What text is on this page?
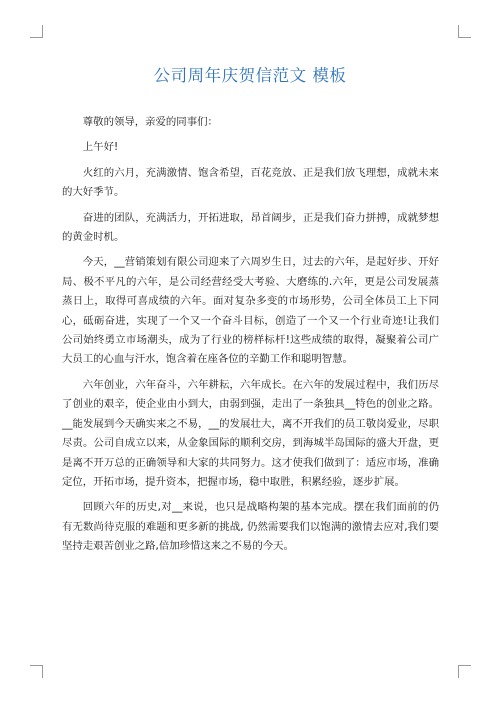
公司周年庆贺信范文 模板

尊敬的领导，亲爱的同事们：

上午好!

火红的六月，充满激情、饱含希望，百花竞放、正是我们放飞理想，成就未来的大好季节。

奋进的团队，充满活力，开拓进取，昂首阔步，正是我们奋力拼搏，成就梦想的黄金时机。

今天，__营销策划有限公司迎来了六周岁生日，过去的六年，是起好步、开好局、极不平凡的六年，是公司经营经受大考验、大磨练的.六年，更是公司发展蒸蒸日上，取得可喜成绩的六年。面对复杂多变的市场形势，公司全体员工上下同心，砥砺奋进，实现了一个又一个奋斗目标，创造了一个又一个行业奇迹!让我们公司始终勇立市场潮头，成为了行业的榜样标杆!这些成绩的取得，凝聚着公司广大员工的心血与汗水，饱含着在座各位的辛勤工作和聪明智慧。

六年创业，六年奋斗，六年耕耘，六年成长。在六年的发展过程中，我们历尽了创业的艰辛，使企业由小到大，由弱到强，走出了一条独具__特色的创业之路。__能发展到今天确实来之不易，__的发展壮大，离不开我们的员工敬岗爱业，尽职尽责。公司自成立以来，从金象国际的顺利交房，到海城半岛国际的盛大开盘，更是离不开万总的正确领导和大家的共同努力。这才使我们做到了：适应市场，准确定位，开拓市场，提升资本，把握市场，稳中取胜，积累经验，逐步扩展。

回顾六年的历史,对__来说，也只是战略构架的基本完成。摆在我们面前的仍有无数尚待克服的难题和更多新的挑战, 仍然需要我们以饱满的激情去应对,我们要坚持走艰苦创业之路,倍加珍惜这来之不易的今天。
